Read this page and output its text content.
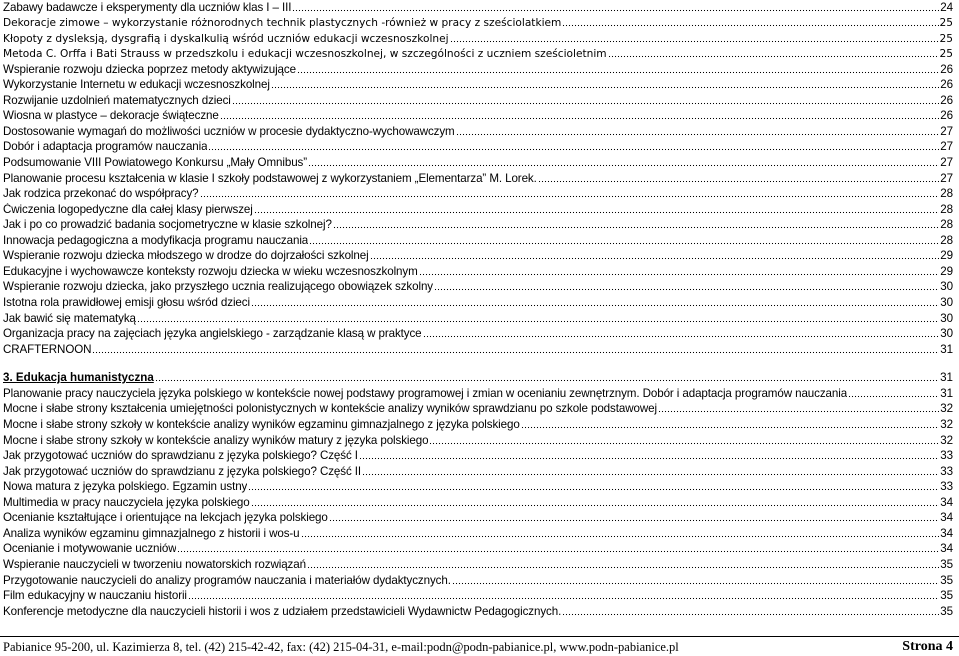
Zabawy badawcze i eksperymenty dla uczniów klas I – III	24
Dekoracje zimowe – wykorzystanie różnorodnych technik plastycznych -również w pracy z sześciolatkiem	25
Kłopoty z dysleksją, dysgrafią i dyskalkulią wśród uczniów edukacji wczesnoszkolnej	25
Metoda C. Orffa i Bati Strauss w przedszkolu i edukacji wczesnoszkolnej, w szczególności z uczniem sześcioletnim	25
Wspieranie rozwoju dziecka poprzez metody aktywizujące	26
Wykorzystanie Internetu w edukacji wczesnoszkolnej	26
Rozwijanie uzdolnień matematycznych dzieci	26
Wiosna w plastyce – dekoracje świąteczne	26
Dostosowanie wymagań do możliwości uczniów w procesie dydaktyczno-wychowawczym	27
Dobór i adaptacja programów nauczania	27
Podsumowanie VIII Powiatowego Konkursu „Mały Omnibus”	27
Planowanie procesu kształcenia w klasie I szkoły podstawowej z wykorzystaniem „Elementarza” M. Lorek.	27
Jak rodzica przekonać do współpracy?	28
Ćwiczenia logopedyczne dla całej klasy pierwszej	28
Jak i po co prowadzić badania socjometryczne w klasie szkolnej?	28
Innowacja pedagogiczna a modyfikacja programu nauczania	28
Wspieranie rozwoju dziecka młodszego w drodze do dojrzałości szkolnej	29
Edukacyjne i wychowawcze konteksty rozwoju dziecka w wieku wczesnoszkolnym	29
Wspieranie rozwoju dziecka, jako przyszłego ucznia realizującego obowiązek szkolny	30
Istotna rola prawidłowej emisji głosu wśród dzieci	30
Jak bawić się matematyką	30
Organizacja pracy na zajęciach języka angielskiego - zarządzanie klasą w praktyce	30
CRAFTERNOON	31
3. Edukacja humanistyczna	31
Planowanie pracy nauczyciela języka polskiego w kontekście nowej podstawy programowej i zmian w ocenianiu zewnętrznym. Dobór i adaptacja programów nauczania	31
Mocne i słabe strony kształcenia umiejętności polonistycznych w kontekście analizy wyników sprawdzianu po szkole podstawowej	32
Mocne i słabe strony szkoły w kontekście analizy wyników egzaminu gimnazjalnego z języka polskiego	32
Mocne i słabe strony szkoły w kontekście analizy wyników matury z języka polskiego	32
Jak przygotować uczniów do sprawdzianu z języka polskiego? Część I	33
Jak przygotować uczniów do sprawdzianu z języka polskiego? Część II	33
Nowa matura z języka polskiego. Egzamin ustny	33
Multimedia w pracy nauczyciela języka polskiego	34
Ocenianie kształtujące i orientujące na lekcjach języka polskiego	34
Analiza wyników egzaminu gimnazjalnego z historii i wos-u	34
Ocenianie i motywowanie uczniów	34
Wspieranie nauczycieli w tworzeniu nowatorskich rozwiązań	35
Przygotowanie nauczycieli do analizy programów nauczania i materiałów dydaktycznych.	35
Film edukacyjny w nauczaniu historii	35
Konferencje metodyczne dla nauczycieli historii i wos z udziałem przedstawicieli Wydawnictw Pedagogicznych.	35
Pabianice 95-200, ul. Kazimierza 8, tel. (42) 215-42-42, fax: (42) 215-04-31, e-mail:podn@podn-pabianice.pl, www.podn-pabianice.pl	Strona 4
